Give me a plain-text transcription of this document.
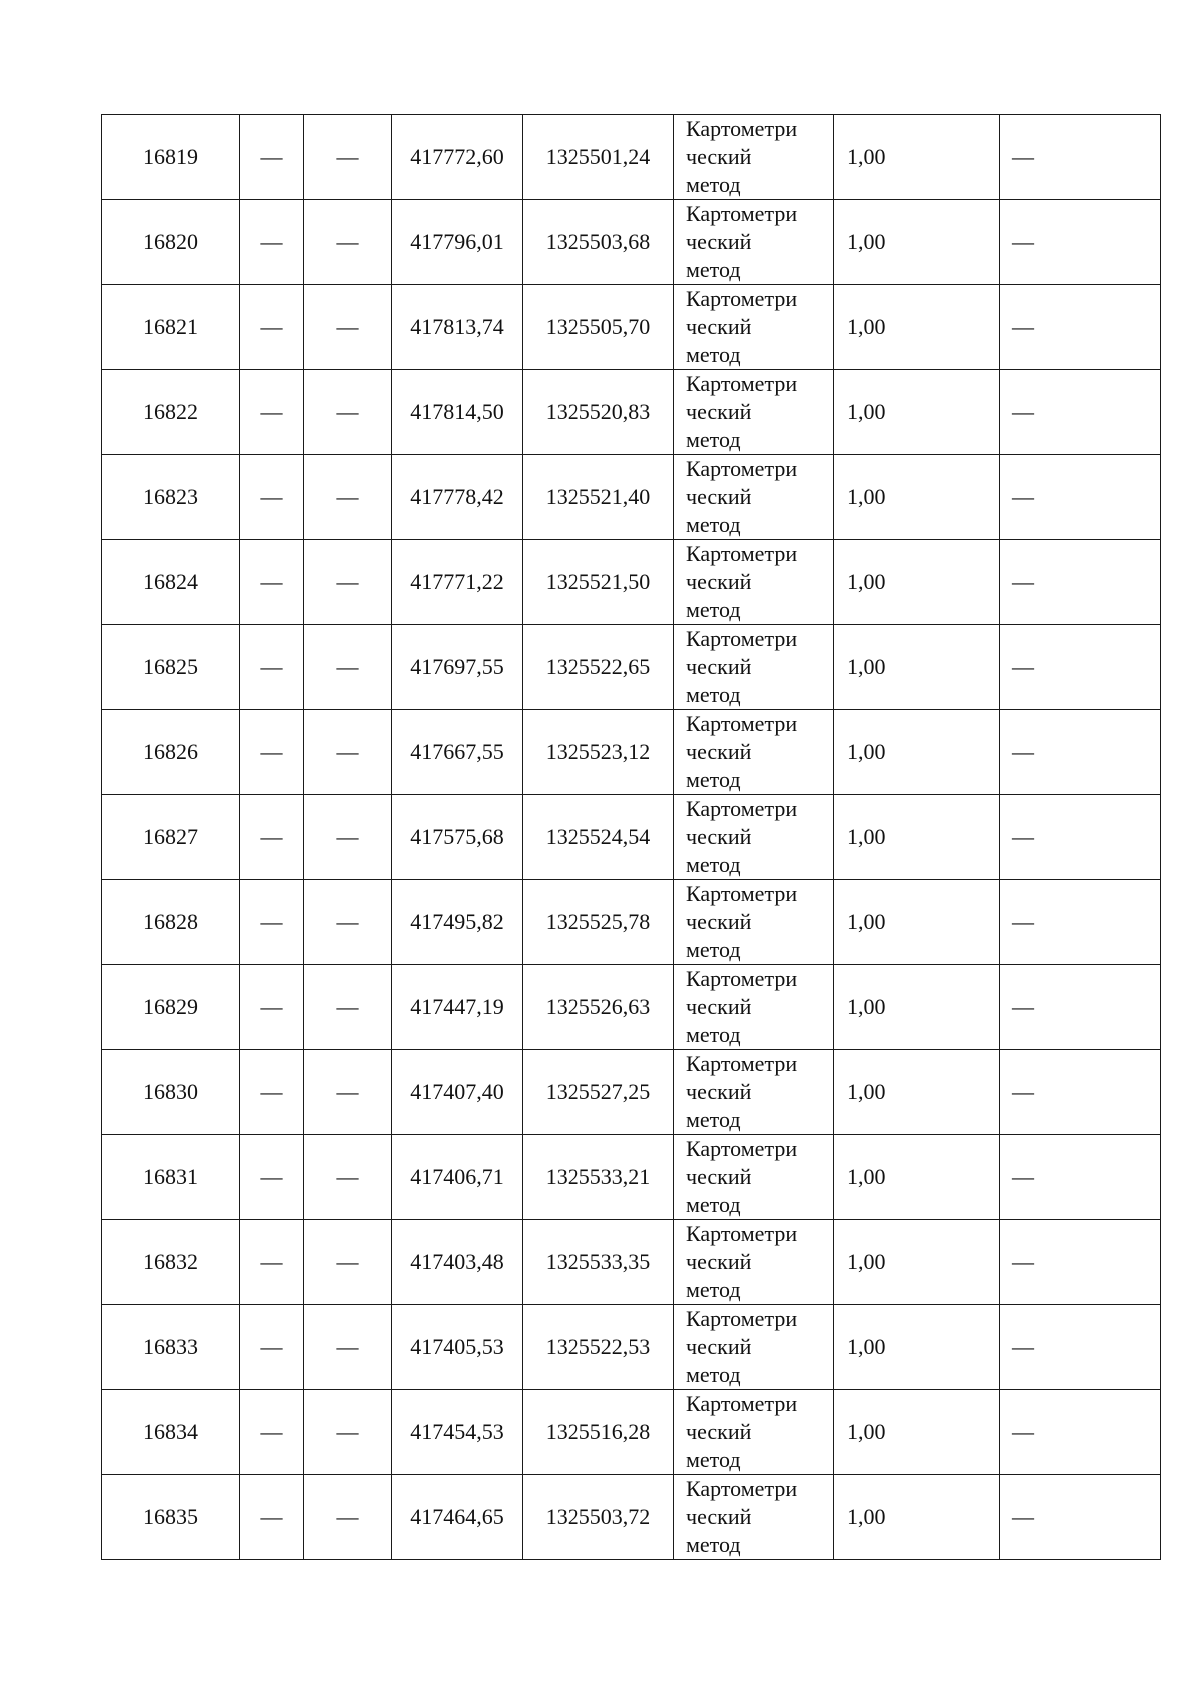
16819	—	—	417772,60	1325501,24	Картометри
ческий
метод	1,00	—
16820	—	—	417796,01	1325503,68	Картометри
ческий
метод	1,00	—
16821	—	—	417813,74	1325505,70	Картометри
ческий
метод	1,00	—
16822	—	—	417814,50	1325520,83	Картометри
ческий
метод	1,00	—
16823	—	—	417778,42	1325521,40	Картометри
ческий
метод	1,00	—
16824	—	—	417771,22	1325521,50	Картометри
ческий
метод	1,00	—
16825	—	—	417697,55	1325522,65	Картометри
ческий
метод	1,00	—
16826	—	—	417667,55	1325523,12	Картометри
ческий
метод	1,00	—
16827	—	—	417575,68	1325524,54	Картометри
ческий
метод	1,00	—
16828	—	—	417495,82	1325525,78	Картометри
ческий
метод	1,00	—
16829	—	—	417447,19	1325526,63	Картометри
ческий
метод	1,00	—
16830	—	—	417407,40	1325527,25	Картометри
ческий
метод	1,00	—
16831	—	—	417406,71	1325533,21	Картометри
ческий
метод	1,00	—
16832	—	—	417403,48	1325533,35	Картометри
ческий
метод	1,00	—
16833	—	—	417405,53	1325522,53	Картометри
ческий
метод	1,00	—
16834	—	—	417454,53	1325516,28	Картометри
ческий
метод	1,00	—
16835	—	—	417464,65	1325503,72	Картометри
ческий
метод	1,00	—
